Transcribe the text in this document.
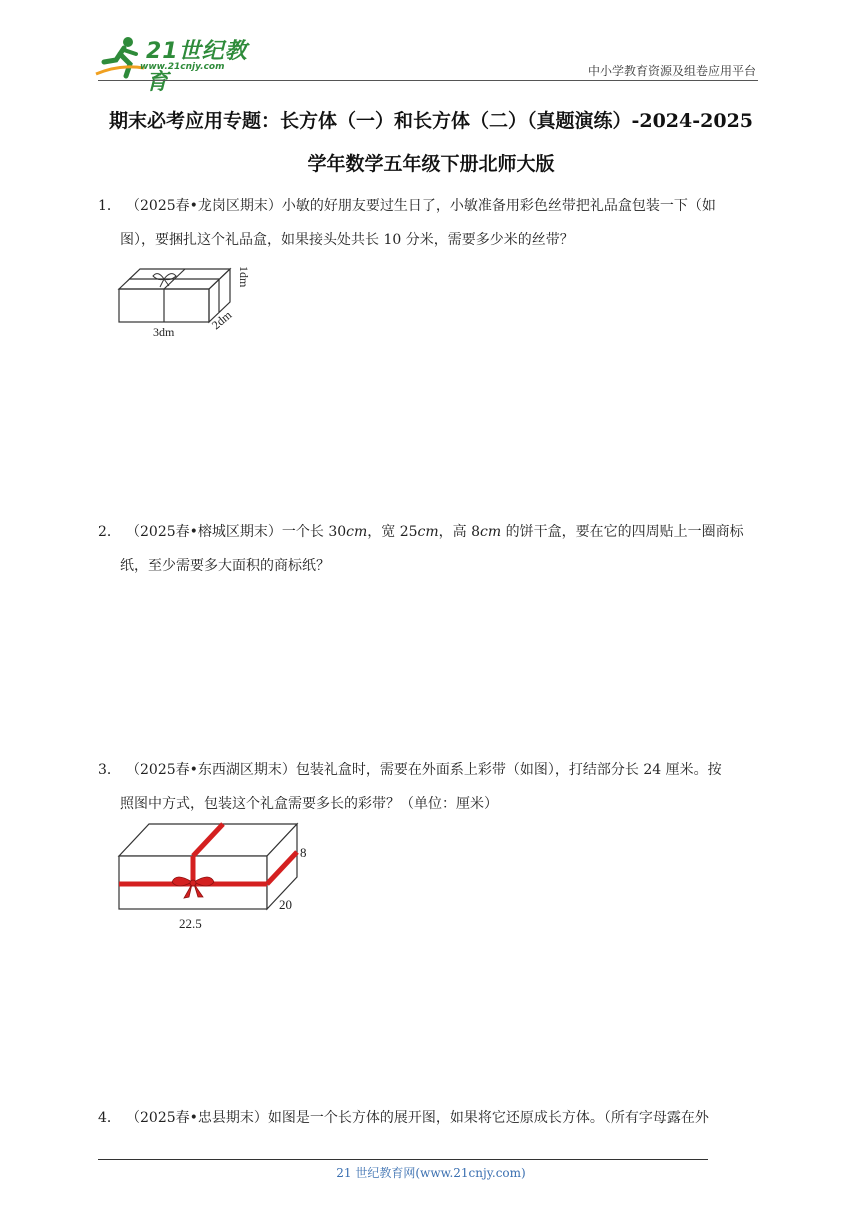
21世纪教育
www.21cnjy.com	中小学教育资源及组卷应用平台
期末必考应用专题：长方体（一）和长方体（二）（真题演练）-2024-2025
学年数学五年级下册北师大版
1． （2025春•龙岗区期末）小敏的好朋友要过生日了，小敏准备用彩色丝带把礼品盒包装一下（如
图），要捆扎这个礼品盒，如果接头处共长 10 分米，需要多少米的丝带？
3dm	2dm
1dm
2． （2025春•榕城区期末）一个长 30cm，宽 25cm，高 8cm 的饼干盒，要在它的四周贴上一圈商标
纸，至少需要多大面积的商标纸？
3． （2025春•东西湖区期末）包装礼盒时，需要在外面系上彩带（如图），打结部分长 24 厘米。按
照图中方式，包装这个礼盒需要多长的彩带？（单位：厘米）
22.5
20
8
4． （2025春•忠县期末）如图是一个长方体的展开图，如果将它还原成长方体。（所有字母露在外
21 世纪教育网(www.21cnjy.com)
